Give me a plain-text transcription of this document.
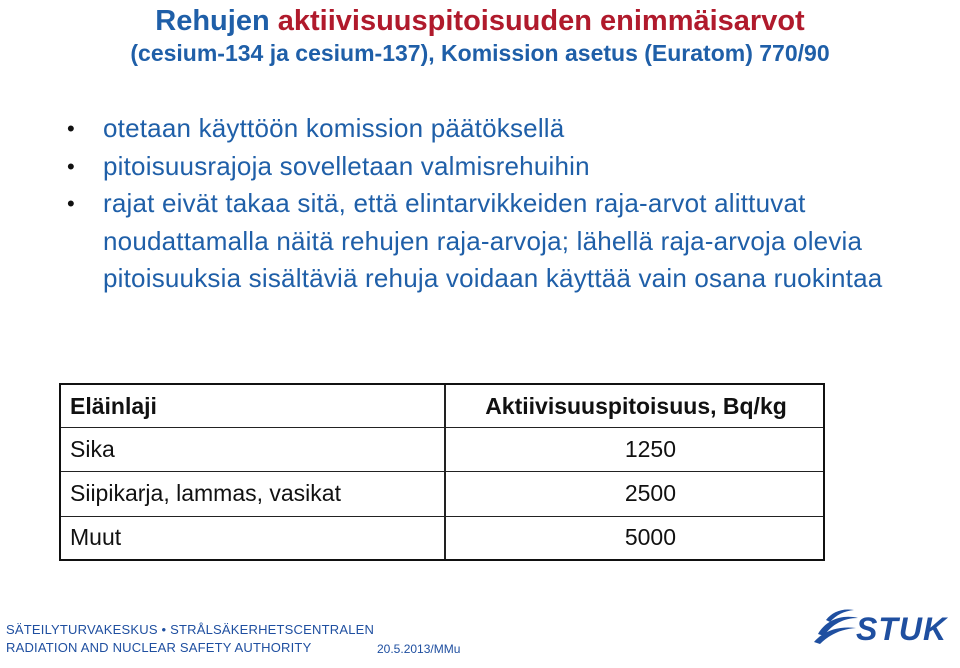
Rehujen aktiivisuuspitoisuuden enimmäisarvot
(cesium-134 ja cesium-137), Komission asetus (Euratom) 770/90
• otetaan käyttöön komission päätöksellä
• pitoisuusrajoja sovelletaan valmisrehuihin
• rajat eivät takaa sitä, että elintarvikkeiden raja-arvot alittuvat noudattamalla näitä rehujen raja-arvoja; lähellä raja-arvoja olevia pitoisuuksia sisältäviä rehuja voidaan käyttää vain osana ruokintaa
Eläinlaji	Aktiivisuuspitoisuus, Bq/kg
Sika	1250
Siipikarja, lammas, vasikat	2500
Muut	5000
SÄTEILYTURVAKESKUS • STRÅLSÄKERHETSCENTRALEN
RADIATION AND NUCLEAR SAFETY AUTHORITY	20.5.2013/MMu
STUK
